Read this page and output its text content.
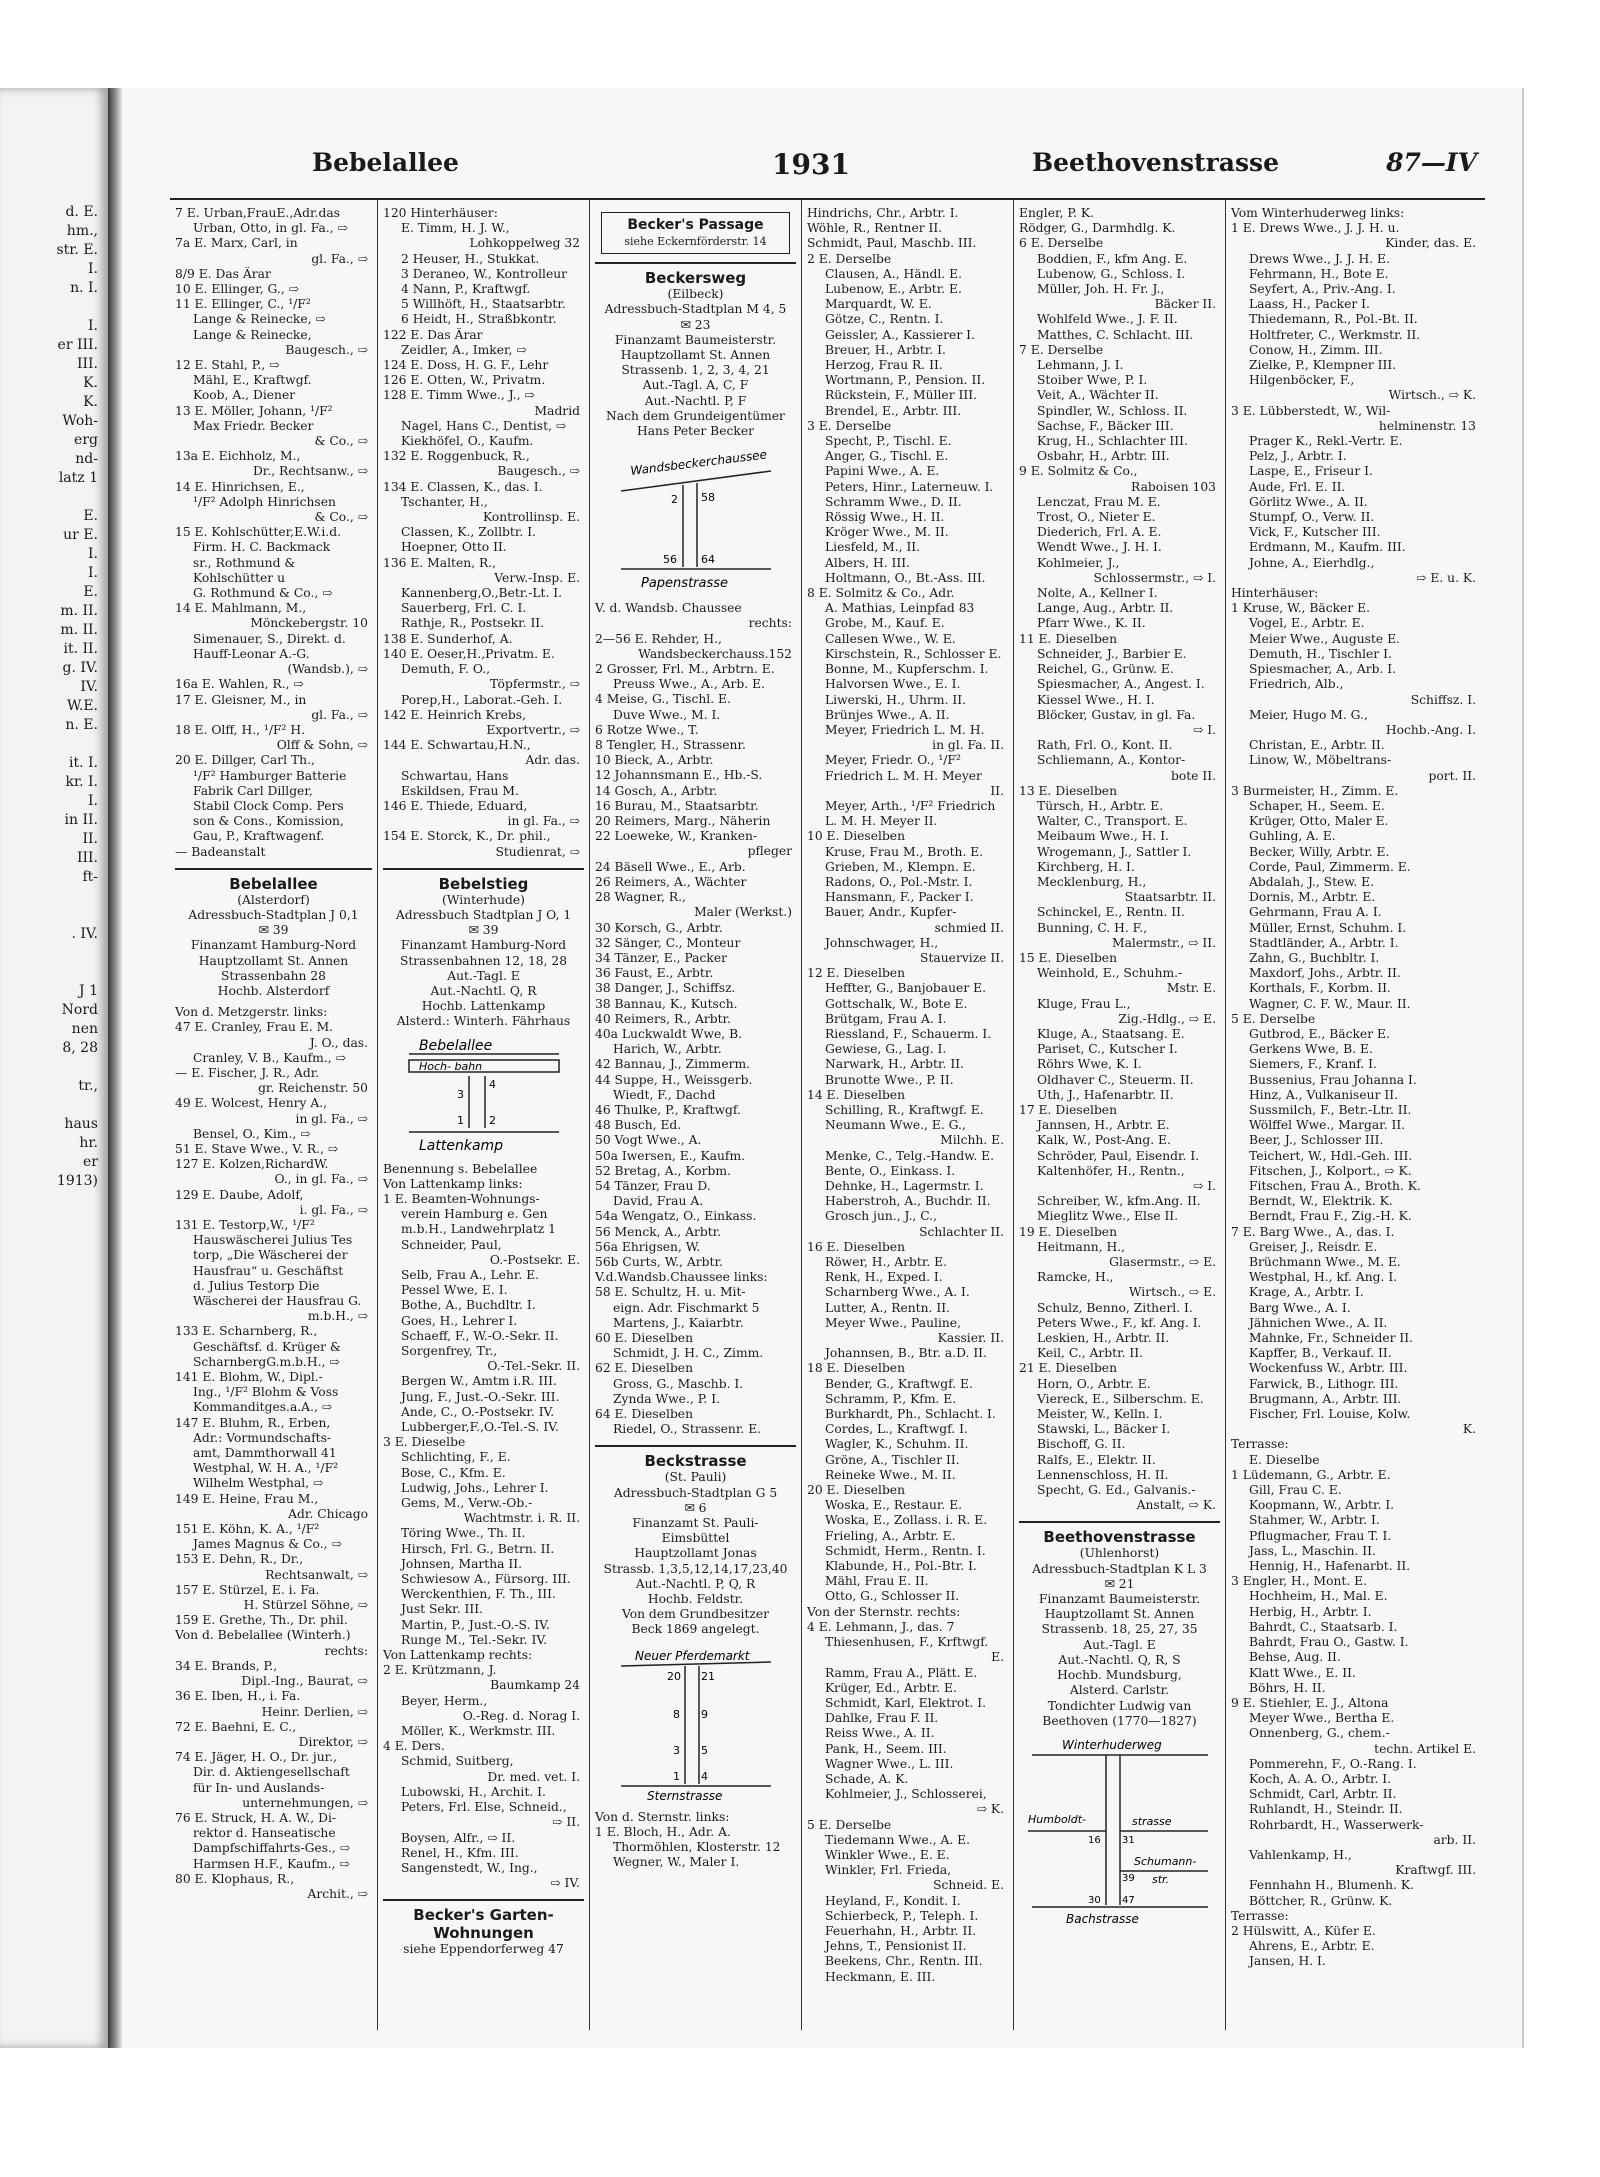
d. E.
hm.,
str. E.
I.
n. I.

I.
er III.
III.
K.
K.
Woh-
erg
nd-
latz 1

E.
ur E.
I.
I.
E.
m. II.
m. II.
it. II.
g. IV.
IV.
W.E.
n. E.

it. I.
kr. I.
I.
in II.
II.
III.
ft-

. IV.

J 1
Nord
nen
8, 28

tr.,

haus
hr.
er
1913)
Bebelallee	1931	Beethovenstrasse	87—IV
7 E. Urban,FrauE.,Adr.das
Urban, Otto, in gl. Fa., ⇨
7a E. Marx, Carl, in
gl. Fa., ⇨
8/9 E. Das Ärar
10 E. Ellinger, G., ⇨
11 E. Ellinger, C., ¹/F²
Lange & Reinecke, ⇨
Lange & Reinecke,
Baugesch., ⇨
12 E. Stahl, P., ⇨
Mähl, E., Kraftwgf.
Koob, A., Diener
13 E. Möller, Johann, ¹/F²
Max Friedr. Becker
& Co., ⇨
13a E. Eichholz, M.,
Dr., Rechtsanw., ⇨
14 E. Hinrichsen, E.,
¹/F² Adolph Hinrichsen
& Co., ⇨
15 E. Kohlschütter,E.W.i.d.
Firm. H. C. Backmack
sr., Rothmund &
Kohlschütter u
G. Rothmund & Co., ⇨
14 E. Mahlmann, M.,
Mönckebergstr. 10
Simenauer, S., Direkt. d.
Hauff-Leonar A.-G.
(Wandsb.), ⇨
16a E. Wahlen, R., ⇨
17 E. Gleisner, M., in
gl. Fa., ⇨
18 E. Olff, H., ¹/F² H.
Olff & Sohn, ⇨
20 E. Dillger, Carl Th.,
¹/F² Hamburger Batterie
Fabrik Carl Dillger,
Stabil Clock Comp. Pers
son & Cons., Komission,
Gau, P., Kraftwagenf.
— Badeanstalt
Bebelallee
(Alsterdorf)
Adressbuch-Stadtplan J 0,1
✉ 39
Finanzamt Hamburg-Nord
Hauptzollamt St. Annen
Strassenbahn 28
Hochb. Alsterdorf
Von d. Metzgerstr. links:
47 E. Cranley, Frau E. M.
J. O., das.
Cranley, V. B., Kaufm., ⇨
— E. Fischer, J. R., Adr.
gr. Reichenstr. 50
49 E. Wolcest, Henry A.,
in gl. Fa., ⇨
Bensel, O., Kim., ⇨
51 E. Stave Wwe., V. R., ⇨
127 E. Kolzen,RichardW.
O., in gl. Fa., ⇨
129 E. Daube, Adolf,
i. gl. Fa., ⇨
131 E. Testorp,W., ¹/F²
Hauswäscherei Julius Tes
torp, „Die Wäscherei der
Hausfrau“ u. Geschäftst
d. Julius Testorp Die
Wäscherei der Hausfrau G.
m.b.H., ⇨
133 E. Scharnberg, R.,
Geschäftsf. d. Krüger &
ScharnbergG.m.b.H., ⇨
141 E. Blohm, W., Dipl.-
Ing., ¹/F² Blohm & Voss
Kommanditges.a.A., ⇨
147 E. Bluhm, R., Erben,
Adr.: Vormundschafts-
amt, Dammthorwall 41
Westphal, W. H. A., ¹/F²
Wilhelm Westphal, ⇨
149 E. Heine, Frau M.,
Adr. Chicago
151 E. Köhn, K. A., ¹/F²
James Magnus & Co., ⇨
153 E. Dehn, R., Dr.,
Rechtsanwalt, ⇨
157 E. Stürzel, E. i. Fa.
H. Stürzel Söhne, ⇨
159 E. Grethe, Th., Dr. phil.
Von d. Bebelallee (Winterh.)
rechts:
34 E. Brands, P.,
Dipl.-Ing., Baurat, ⇨
36 E. Iben, H., i. Fa.
Heinr. Derlien, ⇨
72 E. Baehni, E. C.,
Direktor, ⇨
74 E. Jäger, H. O., Dr. jur.,
Dir. d. Aktiengesellschaft
für In- und Auslands-
unternehmungen, ⇨
76 E. Struck, H. A. W., Di-
rektor d. Hanseatische
Dampfschiffahrts-Ges., ⇨
Harmsen H.F., Kaufm., ⇨
80 E. Klophaus, R.,
Archit., ⇨
120 Hinterhäuser:
E. Timm, H. J. W.,
Lohkoppelweg 32
2 Heuser, H., Stukkat.
3 Deraneo, W., Kontrolleur
4 Nann, P., Kraftwgf.
5 Willhöft, H., Staatsarbtr.
6 Heidt, H., Straßbkontr.
122 E. Das Ärar
Zeidler, A., Imker, ⇨
124 E. Doss, H. G. F., Lehr
126 E. Otten, W., Privatm.
128 E. Timm Wwe., J., ⇨
Madrid
Nagel, Hans C., Dentist, ⇨
Kiekhöfel, O., Kaufm.
132 E. Roggenbuck, R.,
Baugesch., ⇨
134 E. Classen, K., das. I.
Tschanter, H.,
Kontrollinsp. E.
Classen, K., Zollbtr. I.
Hoepner, Otto II.
136 E. Malten, R.,
Verw.-Insp. E.
Kannenberg,O.,Betr.-Lt. I.
Sauerberg, Frl. C. I.
Rathje, R., Postsekr. II.
138 E. Sunderhof, A.
140 E. Oeser,H.,Privatm. E.
Demuth, F. O.,
Töpfermstr., ⇨
Porep,H., Laborat.-Geh. I.
142 E. Heinrich Krebs,
Exportvertr., ⇨
144 E. Schwartau,H.N.,
Adr. das.
Schwartau, Hans
Eskildsen, Frau M.
146 E. Thiede, Eduard,
in gl. Fa., ⇨
154 E. Storck, K., Dr. phil.,
Studienrat, ⇨
Bebelstieg
(Winterhude)
Adressbuch Stadtplan J O, 1
✉ 39
Finanzamt Hamburg-Nord
Strassenbahnen 12, 18, 28
Aut.-Tagl. E
Aut.-Nachtl. Q, R
Hochb. Lattenkamp
Alsterd.: Winterh. Fährhaus
Bebelallee
Hoch- bahn
3
4
1 2
Lattenkamp
Benennung s. Bebelallee
Von Lattenkamp links:
1 E. Beamten-Wohnungs-
verein Hamburg e. Gen
m.b.H., Landwehrplatz 1
Schneider, Paul,
O.-Postsekr. E.
Selb, Frau A., Lehr. E.
Pessel Wwe, E. I.
Bothe, A., Buchdltr. I.
Goes, H., Lehrer I.
Schaeff, F., W.-O.-Sekr. II.
Sorgenfrey, Tr.,
O.-Tel.-Sekr. II.
Bergen W., Amtm i.R. III.
Jung, F., Just.-O.-Sekr. III.
Ande, C., O.-Postsekr. IV.
Lubberger,F.,O.-Tel.-S. IV.
3 E. Dieselbe
Schlichting, F., E.
Bose, C., Kfm. E.
Ludwig, Johs., Lehrer I.
Gems, M., Verw.-Ob.-
Wachtmstr. i. R. II.
Töring Wwe., Th. II.
Hirsch, Frl. G., Betrn. II.
Johnsen, Martha II.
Schwiesow A., Fürsorg. III.
Werckenthien, F. Th., III.
Just Sekr. III.
Martin, P., Just.-O.-S. IV.
Runge M., Tel.-Sekr. IV.
Von Lattenkamp rechts:
2 E. Krützmann, J.
Baumkamp 24
Beyer, Herm.,
O.-Reg. d. Norag I.
Möller, K., Werkmstr. III.
4 E. Ders.
Schmid, Suitberg,
Dr. med. vet. I.
Lubowski, H., Archit. I.
Peters, Frl. Else, Schneid.,
⇨ II.
Boysen, Alfr., ⇨ II.
Renel, H., Kfm. III.
Sangenstedt, W., Ing.,
⇨ IV.
Becker's Garten-
Wohnungen
siehe Eppendorferweg 47
Becker's Passage
siehe Eckernförderstr. 14
Beckersweg
(Eilbeck)
Adressbuch-Stadtplan M 4, 5
✉ 23
Finanzamt Baumeisterstr.
Hauptzollamt St. Annen
Strassenb. 1, 2, 3, 4, 21
Aut.-Tagl. A, C, F
Aut.-Nachtl. P, F
Nach dem Grundeigentümer
Hans Peter Becker
Wandsbeckerchaussee
2 58
56 64
Papenstrasse
V. d. Wandsb. Chaussee
rechts:
2—56 E. Rehder, H.,
Wandsbeckerchauss.152
2 Grosser, Frl. M., Arbtrn. E.
Preuss Wwe., A., Arb. E.
4 Meise, G., Tischl. E.
Duve Wwe., M. I.
6 Rotze Wwe., T.
8 Tengler, H., Strassenr.
10 Bieck, A., Arbtr.
12 Johannsmann E., Hb.-S.
14 Gosch, A., Arbtr.
16 Burau, M., Staatsarbtr.
20 Reimers, Marg., Näherin
22 Loeweke, W., Kranken-
pfleger
24 Bäsell Wwe., E., Arb.
26 Reimers, A., Wächter
28 Wagner, R.,
Maler (Werkst.)
30 Korsch, G., Arbtr.
32 Sänger, C., Monteur
34 Tänzer, E., Packer
36 Faust, E., Arbtr.
38 Danger, J., Schiffsz.
38 Bannau, K., Kutsch.
40 Reimers, R., Arbtr.
40a Luckwaldt Wwe, B.
Harich, W., Arbtr.
42 Bannau, J., Zimmerm.
44 Suppe, H., Weissgerb.
Wiedt, F., Dachd
46 Thulke, P., Kraftwgf.
48 Busch, Ed.
50 Vogt Wwe., A.
50a Iwersen, E., Kaufm.
52 Bretag, A., Korbm.
54 Tänzer, Frau D.
David, Frau A.
54a Wengatz, O., Einkass.
56 Menck, A., Arbtr.
56a Ehrigsen, W.
56b Curts, W., Arbtr.
V.d.Wandsb.Chaussee links:
58 E. Schultz, H. u. Mit-
eign. Adr. Fischmarkt 5
Martens, J., Kaiarbtr.
60 E. Dieselben
Schmidt, J. H. C., Zimm.
62 E. Dieselben
Gross, G., Maschb. I.
Zynda Wwe., P. I.
64 E. Dieselben
Riedel, O., Strassenr. E.
Beckstrasse
(St. Pauli)
Adressbuch-Stadtplan G 5
✉ 6
Finanzamt St. Pauli-
Eimsbüttel
Hauptzollamt Jonas
Strassb. 1,3,5,12,14,17,23,40
Aut.-Nachtl. P, Q, R
Hochb. Feldstr.
Von dem Grundbesitzer
Beck 1869 angelegt.
Neuer Pferdemarkt
20 21
8 9
3 5
1 4
Sternstrasse
Von d. Sternstr. links:
1 E. Bloch, H., Adr. A.
Thormöhlen, Klosterstr. 12
Wegner, W., Maler I.
Hindrichs, Chr., Arbtr. I.
Wöhle, R., Rentner II.
Schmidt, Paul, Maschb. III.
2 E. Derselbe
Clausen, A., Händl. E.
Lubenow, E., Arbtr. E.
Marquardt, W. E.
Götze, C., Rentn. I.
Geissler, A., Kassierer I.
Breuer, H., Arbtr. I.
Herzog, Frau R. II.
Wortmann, P., Pension. II.
Rückstein, F., Müller III.
Brendel, E., Arbtr. III.
3 E. Derselbe
Specht, P., Tischl. E.
Anger, G., Tischl. E.
Papini Wwe., A. E.
Peters, Hinr., Laterneuw. I.
Schramm Wwe., D. II.
Rössig Wwe., H. II.
Kröger Wwe., M. II.
Liesfeld, M., II.
Albers, H. III.
Holtmann, O., Bt.-Ass. III.
8 E. Solmitz & Co., Adr.
A. Mathias, Leinpfad 83
Grobe, M., Kauf. E.
Callesen Wwe., W. E.
Kirschstein, R., Schlosser E.
Bonne, M., Kupferschm. I.
Halvorsen Wwe., E. I.
Liwerski, H., Uhrm. II.
Brünjes Wwe., A. II.
Meyer, Friedrich L. M. H.
in gl. Fa. II.
Meyer, Friedr. O., ¹/F²
Friedrich L. M. H. Meyer
II.
Meyer, Arth., ¹/F² Friedrich
L. M. H. Meyer II.
10 E. Dieselben
Kruse, Frau M., Broth. E.
Grieben, M., Klempn. E.
Radons, O., Pol.-Mstr. I.
Hansmann, F., Packer I.
Bauer, Andr., Kupfer-
schmied II.
Johnschwager, H.,
Stauervize II.
12 E. Dieselben
Heffter, G., Banjobauer E.
Gottschalk, W., Bote E.
Brütgam, Frau A. I.
Riessland, F., Schauerm. I.
Gewiese, G., Lag. I.
Narwark, H., Arbtr. II.
Brunotte Wwe., P. II.
14 E. Dieselben
Schilling, R., Kraftwgf. E.
Neumann Wwe., E. G.,
Milchh. E.
Menke, C., Telg.-Handw. E.
Bente, O., Einkass. I.
Dehnke, H., Lagermstr. I.
Haberstroh, A., Buchdr. II.
Grosch jun., J., C.,
Schlachter II.
16 E. Dieselben
Röwer, H., Arbtr. E.
Renk, H., Exped. I.
Scharnberg Wwe., A. I.
Lutter, A., Rentn. II.
Meyer Wwe., Pauline,
Kassier. II.
Johannsen, B., Btr. a.D. II.
18 E. Dieselben
Bender, G., Kraftwgf. E.
Schramm, P., Kfm. E.
Burkhardt, Ph., Schlacht. I.
Cordes, L., Kraftwgf. I.
Wagler, K., Schuhm. II.
Gröne, A., Tischler II.
Reineke Wwe., M. II.
20 E. Dieselben
Woska, E., Restaur. E.
Woska, E., Zollass. i. R. E.
Frieling, A., Arbtr. E.
Schmidt, Herm., Rentn. I.
Klabunde, H., Pol.-Btr. I.
Mähl, Frau E. II.
Otto, G., Schlosser II.
Von der Sternstr. rechts:
4 E. Lehmann, J., das. 7
Thiesenhusen, F., Krftwgf.
E.
Ramm, Frau A., Plätt. E.
Krüger, Ed., Arbtr. E.
Schmidt, Karl, Elektrot. I.
Dahlke, Frau F. II.
Reiss Wwe., A. II.
Pank, H., Seem. III.
Wagner Wwe., L. III.
Schade, A. K.
Kohlmeier, J., Schlosserei,
⇨ K.
5 E. Derselbe
Tiedemann Wwe., A. E.
Winkler Wwe., E. E.
Winkler, Frl. Frieda,
Schneid. E.
Heyland, F., Kondit. I.
Schierbeck, P., Teleph. I.
Feuerhahn, H., Arbtr. II.
Jehns, T., Pensionist II.
Beekens, Chr., Rentn. III.
Heckmann, E. III.
Engler, P. K.
Rödger, G., Darmhdlg. K.
6 E. Derselbe
Boddien, F., kfm Ang. E.
Lubenow, G., Schloss. I.
Müller, Joh. H. Fr. J.,
Bäcker II.
Wohlfeld Wwe., J. F. II.
Matthes, C. Schlacht. III.
7 E. Derselbe
Lehmann, J. I.
Stoiber Wwe, P. I.
Veit, A., Wächter II.
Spindler, W., Schloss. II.
Sachse, F., Bäcker III.
Krug, H., Schlachter III.
Osbahr, H., Arbtr. III.
9 E. Solmitz & Co.,
Raboisen 103
Lenczat, Frau M. E.
Trost, O., Nieter E.
Diederich, Frl. A. E.
Wendt Wwe., J. H. I.
Kohlmeier, J.,
Schlossermstr., ⇨ I.
Nolte, A., Kellner I.
Lange, Aug., Arbtr. II.
Pfarr Wwe., K. II.
11 E. Dieselben
Schneider, J., Barbier E.
Reichel, G., Grünw. E.
Spiesmacher, A., Angest. I.
Kiessel Wwe., H. I.
Blöcker, Gustav, in gl. Fa.
⇨ I.
Rath, Frl. O., Kont. II.
Schliemann, A., Kontor-
bote II.
13 E. Dieselben
Türsch, H., Arbtr. E.
Walter, C., Transport. E.
Meibaum Wwe., H. I.
Wrogemann, J., Sattler I.
Kirchberg, H. I.
Mecklenburg, H.,
Staatsarbtr. II.
Schinckel, E., Rentn. II.
Bunning, C. H. F.,
Malermstr., ⇨ II.
15 E. Dieselben
Weinhold, E., Schuhm.-
Mstr. E.
Kluge, Frau L.,
Zig.-Hdlg., ⇨ E.
Kluge, A., Staatsang. E.
Pariset, C., Kutscher I.
Röhrs Wwe, K. I.
Oldhaver C., Steuerm. II.
Uth, J., Hafenarbtr. II.
17 E. Dieselben
Jannsen, H., Arbtr. E.
Kalk, W., Post-Ang. E.
Schröder, Paul, Eisendr. I.
Kaltenhöfer, H., Rentn.,
⇨ I.
Schreiber, W., kfm.Ang. II.
Mieglitz Wwe., Else II.
19 E. Dieselben
Heitmann, H.,
Glasermstr., ⇨ E.
Ramcke, H.,
Wirtsch., ⇨ E.
Schulz, Benno, Zitherl. I.
Peters Wwe., F., kf. Ang. I.
Leskien, H., Arbtr. II.
Keil, C., Arbtr. II.
21 E. Dieselben
Horn, O., Arbtr. E.
Viereck, E., Silberschm. E.
Meister, W., Kelln. I.
Stawski, L., Bäcker I.
Bischoff, G. II.
Ralfs, E., Elektr. II.
Lennenschloss, H. II.
Specht, G. Ed., Galvanis.-
Anstalt, ⇨ K.
Beethovenstrasse
(Uhlenhorst)
Adressbuch-Stadtplan K L 3
✉ 21
Finanzamt Baumeisterstr.
Hauptzollamt St. Annen
Strassenb. 18, 25, 27, 35
Aut.-Tagl. E
Aut.-Nachtl. Q, R, S
Hochb. Mundsburg,
Alsterd. Carlstr.
Tondichter Ludwig van
Beethoven (1770—1827)
Winterhuderweg
Humboldt-	strasse
16 31
Schumann-
str.
39
30 47
Bachstrasse
Vom Winterhuderweg links:
1 E. Drews Wwe., J. J. H. u.
Kinder, das. E.
Drews Wwe., J. J. H. E.
Fehrmann, H., Bote E.
Seyfert, A., Priv.-Ang. I.
Laass, H., Packer I.
Thiedemann, R., Pol.-Bt. II.
Holtfreter, C., Werkmstr. II.
Conow, H., Zimm. III.
Zielke, P., Klempner III.
Hilgenböcker, F.,
Wirtsch., ⇨ K.
3 E. Lübberstedt, W., Wil-
helminenstr. 13
Prager K., Rekl.-Vertr. E.
Pelz, J., Arbtr. I.
Laspe, E., Friseur I.
Aude, Frl. E. II.
Görlitz Wwe., A. II.
Stumpf, O., Verw. II.
Vick, F., Kutscher III.
Erdmann, M., Kaufm. III.
Johne, A., Eierhdlg.,
⇨ E. u. K.
Hinterhäuser:
1 Kruse, W., Bäcker E.
Vogel, E., Arbtr. E.
Meier Wwe., Auguste E.
Demuth, H., Tischler I.
Spiesmacher, A., Arb. I.
Friedrich, Alb.,
Schiffsz. I.
Meier, Hugo M. G.,
Hochb.-Ang. I.
Christan, E., Arbtr. II.
Linow, W., Möbeltrans-
port. II.
3 Burmeister, H., Zimm. E.
Schaper, H., Seem. E.
Krüger, Otto, Maler E.
Guhling, A. E.
Becker, Willy, Arbtr. E.
Corde, Paul, Zimmerm. E.
Abdalah, J., Stew. E.
Dornis, M., Arbtr. E.
Gehrmann, Frau A. I.
Müller, Ernst, Schuhm. I.
Stadtländer, A., Arbtr. I.
Zahn, G., Buchbltr. I.
Maxdorf, Johs., Arbtr. II.
Korthals, F., Korbm. II.
Wagner, C. F. W., Maur. II.
5 E. Derselbe
Gutbrod, E., Bäcker E.
Gerkens Wwe, B. E.
Siemers, F., Kranf. I.
Bussenius, Frau Johanna I.
Hinz, A., Vulkaniseur II.
Sussmilch, F., Betr.-Ltr. II.
Wölffel Wwe., Margar. II.
Beer, J., Schlosser III.
Teichert, W., Hdl.-Geh. III.
Fitschen, J., Kolport., ⇨ K.
Fitschen, Frau A., Broth. K.
Berndt, W., Elektrik. K.
Berndt, Frau F., Zig.-H. K.
7 E. Barg Wwe., A., das. I.
Greiser, J., Reisdr. E.
Brüchmann Wwe., M. E.
Westphal, H., kf. Ang. I.
Krage, A., Arbtr. I.
Barg Wwe., A. I.
Jähnichen Wwe., A. II.
Mahnke, Fr., Schneider II.
Kapffer, B., Verkauf. II.
Wockenfuss W., Arbtr. III.
Farwick, B., Lithogr. III.
Brugmann, A., Arbtr. III.
Fischer, Frl. Louise, Kolw.
K.
Terrasse:
E. Dieselbe
1 Lüdemann, G., Arbtr. E.
Gill, Frau C. E.
Koopmann, W., Arbtr. I.
Stahmer, W., Arbtr. I.
Pflugmacher, Frau T. I.
Jass, L., Maschin. II.
Hennig, H., Hafenarbt. II.
3 Engler, H., Mont. E.
Hochheim, H., Mal. E.
Herbig, H., Arbtr. I.
Bahrdt, C., Staatsarb. I.
Bahrdt, Frau O., Gastw. I.
Behse, Aug. II.
Klatt Wwe., E. II.
Böhrs, H. II.
9 E. Stiehler, E. J., Altona
Meyer Wwe., Bertha E.
Onnenberg, G., chem.-
techn. Artikel E.
Pommerehn, F., O.-Rang. I.
Koch, A. A. O., Arbtr. I.
Schmidt, Carl, Arbtr. II.
Ruhlandt, H., Steindr. II.
Rohrbardt, H., Wasserwerk-
arb. II.
Vahlenkamp, H.,
Kraftwgf. III.
Fennhahn H., Blumenh. K.
Böttcher, R., Grünw. K.
Terrasse:
2 Hülswitt, A., Küfer E.
Ahrens, E., Arbtr. E.
Jansen, H. I.
